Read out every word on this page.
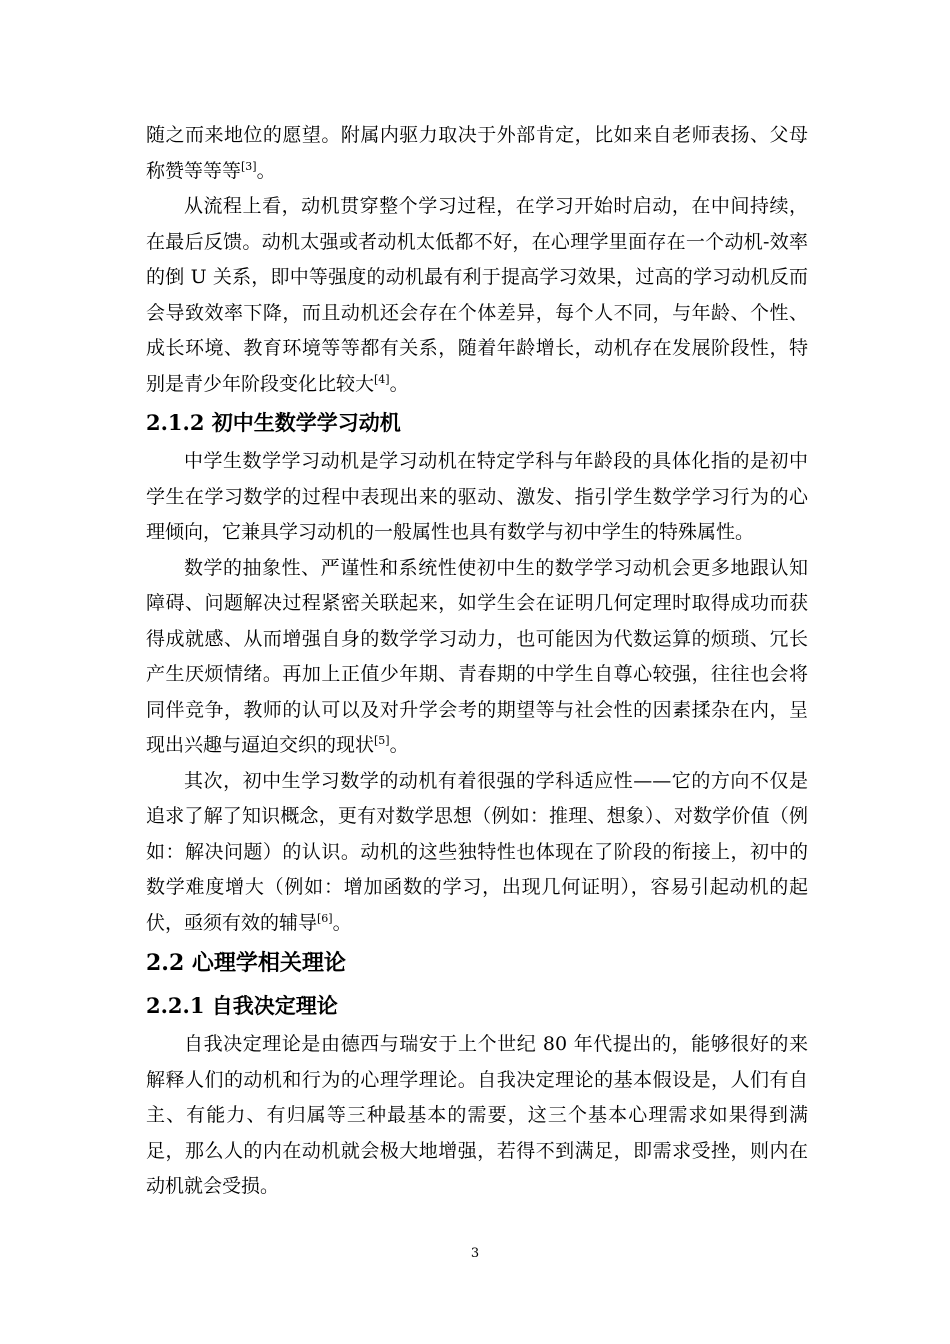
随之而来地位的愿望。附属内驱力取决于外部肯定，比如来自老师表扬、父母称赞等等等[3]。

从流程上看，动机贯穿整个学习过程，在学习开始时启动，在中间持续，在最后反馈。动机太强或者动机太低都不好，在心理学里面存在一个动机-效率的倒 U 关系，即中等强度的动机最有利于提高学习效果，过高的学习动机反而会导致效率下降，而且动机还会存在个体差异，每个人不同，与年龄、个性、成长环境、教育环境等等都有关系，随着年龄增长，动机存在发展阶段性，特别是青少年阶段变化比较大[4]。

2.1.2 初中生数学学习动机

中学生数学学习动机是学习动机在特定学科与年龄段的具体化指的是初中学生在学习数学的过程中表现出来的驱动、激发、指引学生数学学习行为的心理倾向，它兼具学习动机的一般属性也具有数学与初中学生的特殊属性。

数学的抽象性、严谨性和系统性使初中生的数学学习动机会更多地跟认知障碍、问题解决过程紧密关联起来，如学生会在证明几何定理时取得成功而获得成就感、从而增强自身的数学学习动力，也可能因为代数运算的烦琐、冗长产生厌烦情绪。再加上正值少年期、青春期的中学生自尊心较强，往往也会将同伴竞争，教师的认可以及对升学会考的期望等与社会性的因素揉杂在内，呈现出兴趣与逼迫交织的现状[5]。

其次，初中生学习数学的动机有着很强的学科适应性——它的方向不仅是追求了解了知识概念，更有对数学思想（例如：推理、想象）、对数学价值（例如：解决问题）的认识。动机的这些独特性也体现在了阶段的衔接上，初中的数学难度增大（例如：增加函数的学习，出现几何证明），容易引起动机的起伏，亟须有效的辅导[6]。

2.2 心理学相关理论
2.2.1 自我决定理论

自我决定理论是由德西与瑞安于上个世纪 80 年代提出的，能够很好的来解释人们的动机和行为的心理学理论。自我决定理论的基本假设是，人们有自主、有能力、有归属等三种最基本的需要，这三个基本心理需求如果得到满足，那么人的内在动机就会极大地增强，若得不到满足，即需求受挫，则内在动机就会受损。

3
